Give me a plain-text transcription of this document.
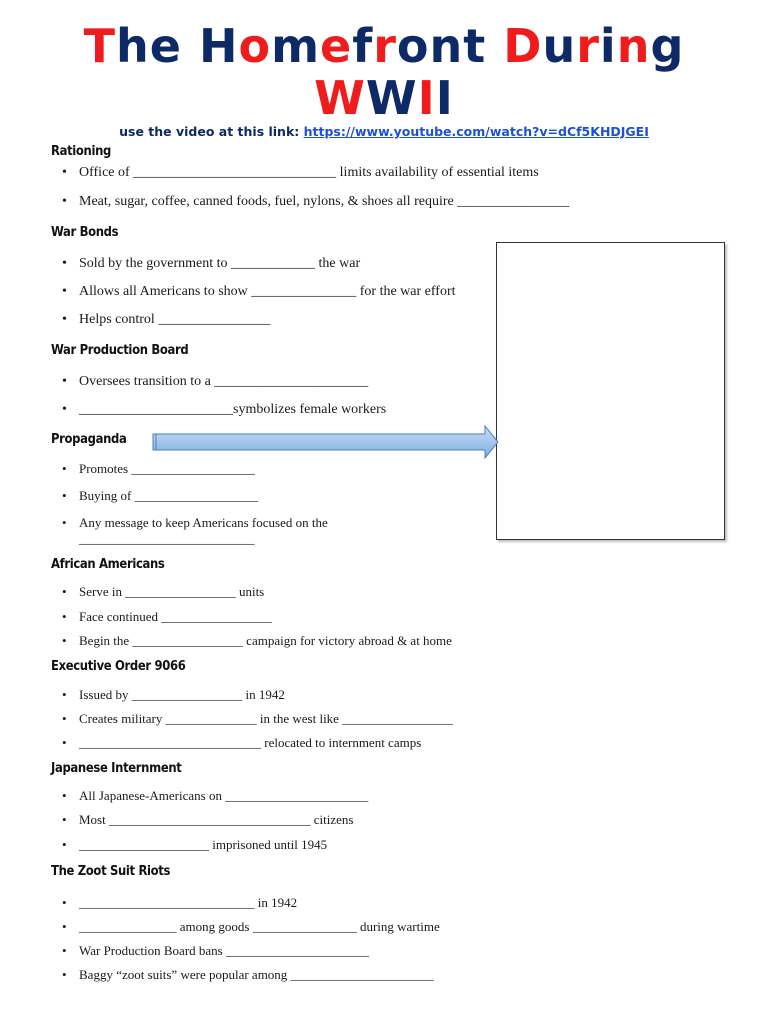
The Homefront During
WWII
use the video at this link: https://www.youtube.com/watch?v=dCf5KHDJGEI
Rationing
• Office of _____________________________ limits availability of essential items
• Meat, sugar, coffee, canned foods, fuel, nylons, & shoes all require ________________
War Bonds
• Sold by the government to ____________ the war
• Allows all Americans to show _______________ for the war effort
• Helps control ________________
War Production Board
• Oversees transition to a ______________________
• ______________________symbolizes female workers
Propaganda
• Promotes ___________________
• Buying of ___________________
• Any message to keep Americans focused on the ___________________________
African Americans
• Serve in _________________ units
• Face continued _________________
• Begin the _________________ campaign for victory abroad & at home
Executive Order 9066
• Issued by _________________ in 1942
• Creates military ______________ in the west like _________________
• ____________________________ relocated to internment camps
Japanese Internment
• All Japanese-Americans on ______________________
• Most _______________________________ citizens
• ____________________ imprisoned until 1945
The Zoot Suit Riots
• ___________________________ in 1942
• _______________ among goods ________________ during wartime
• War Production Board bans ______________________
• Baggy “zoot suits” were popular among ______________________
